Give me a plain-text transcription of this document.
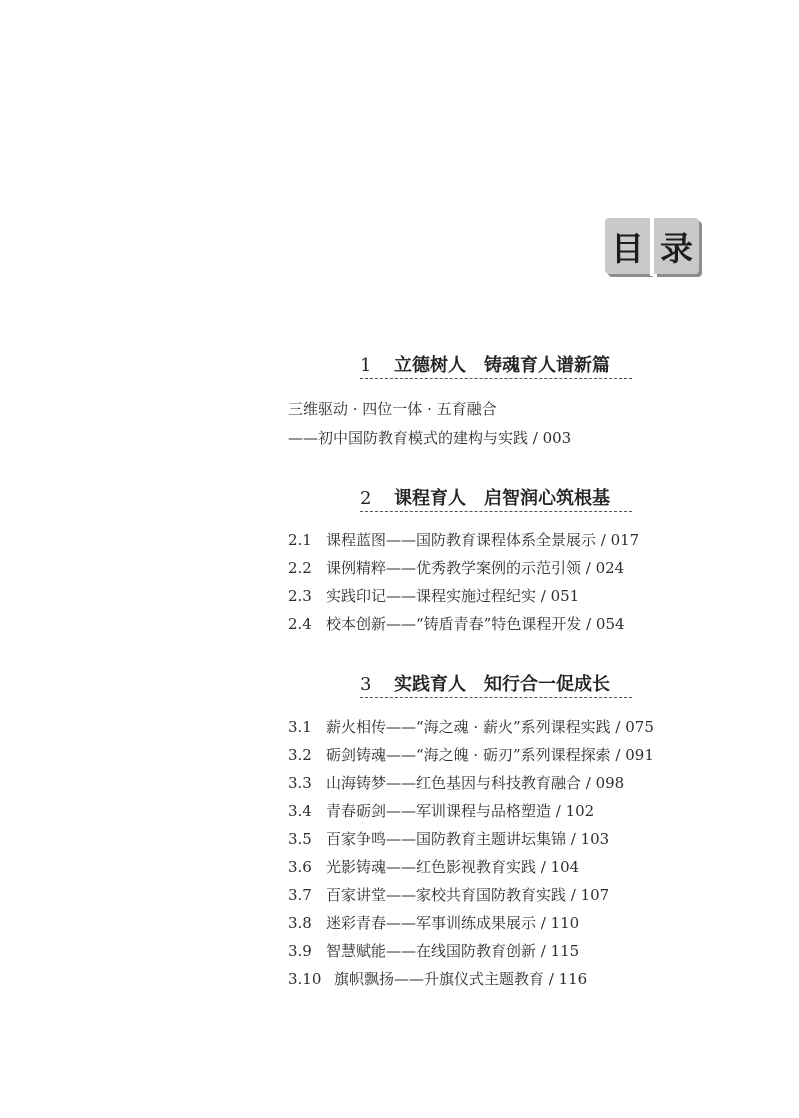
目 录
1 立德树人　铸魂育人谱新篇
三维驱动 · 四位一体 · 五育融合
——初中国防教育模式的建构与实践 / 003
2 课程育人　启智润心筑根基
2.1 课程蓝图——国防教育课程体系全景展示 / 017
2.2 课例精粹——优秀教学案例的示范引领 / 024
2.3 实践印记——课程实施过程纪实 / 051
2.4 校本创新——“铸盾青春”特色课程开发 / 054
3 实践育人　知行合一促成长
3.1 薪火相传——“海之魂 · 薪火”系列课程实践 / 075
3.2 砺剑铸魂——“海之魄 · 砺刃”系列课程探索 / 091
3.3 山海铸梦——红色基因与科技教育融合 / 098
3.4 青春砺剑——军训课程与品格塑造 / 102
3.5 百家争鸣——国防教育主题讲坛集锦 / 103
3.6 光影铸魂——红色影视教育实践 / 104
3.7 百家讲堂——家校共育国防教育实践 / 107
3.8 迷彩青春——军事训练成果展示 / 110
3.9 智慧赋能——在线国防教育创新 / 115
3.10 旗帜飘扬——升旗仪式主题教育 / 116
